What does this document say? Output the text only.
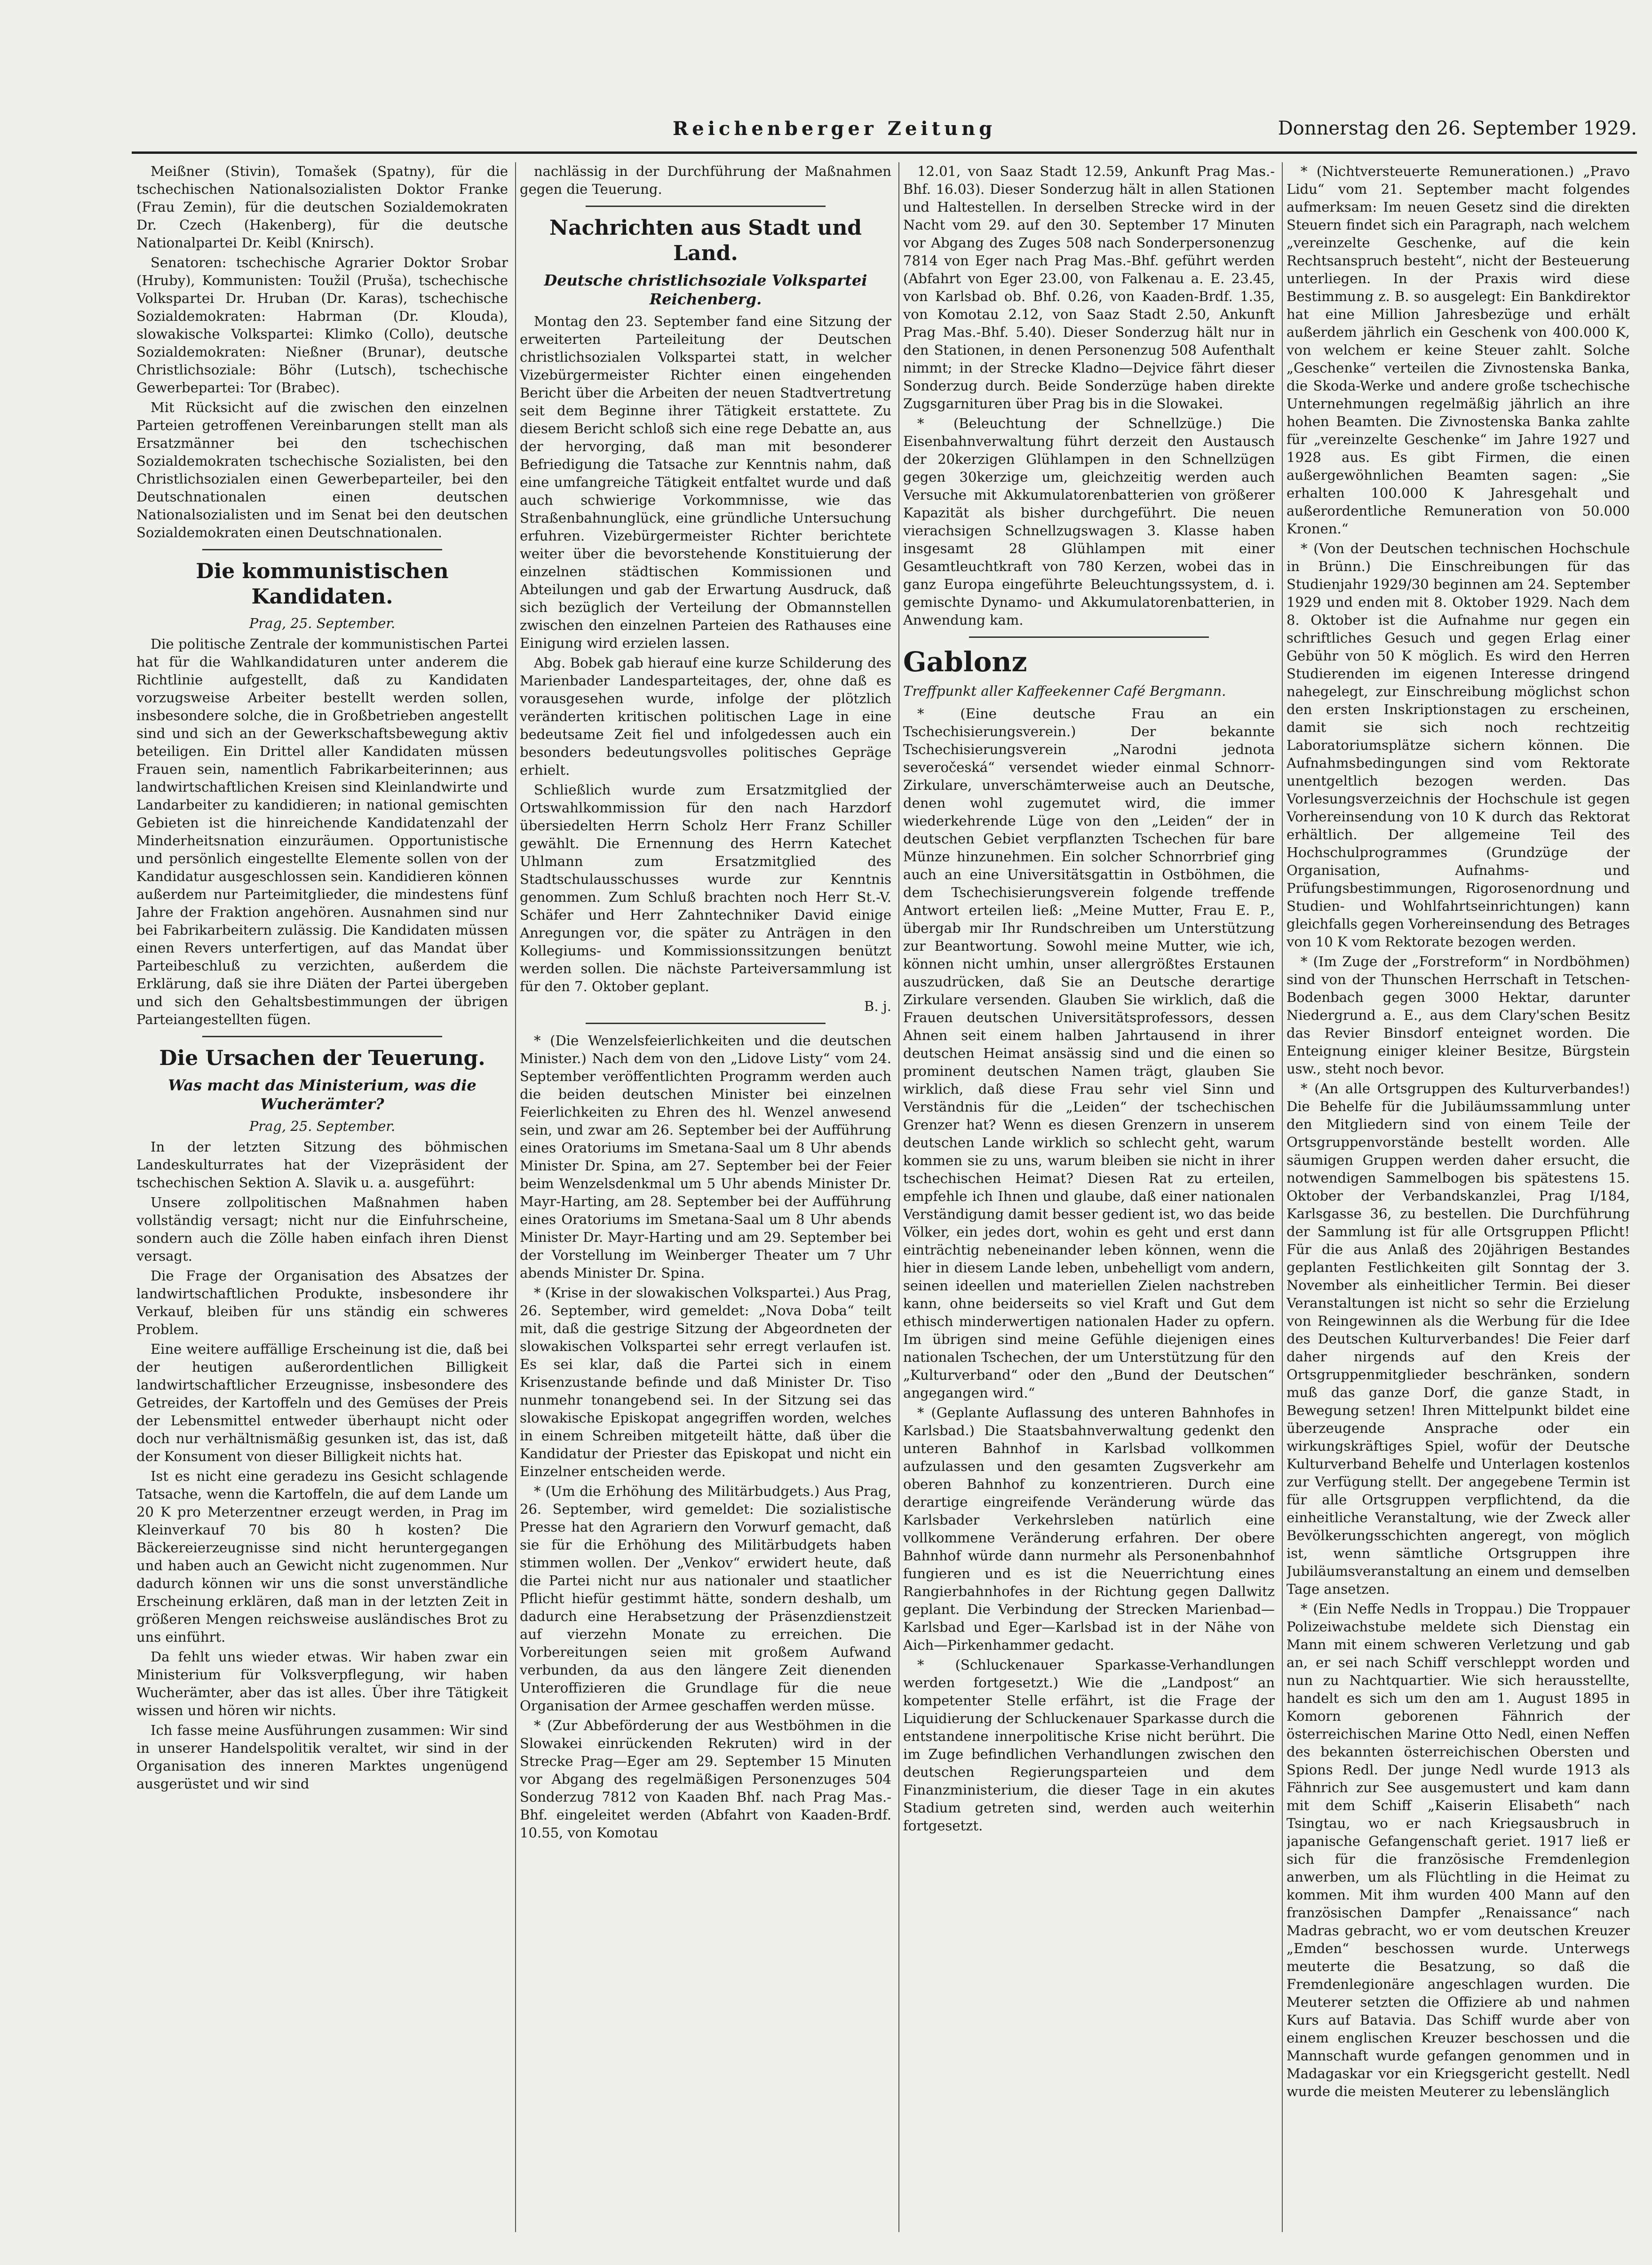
Reichenberger Zeitung	Donnerstag den 26. September 1929.

Meißner (Stivin), Tomašek (Spatny), für die tschechischen Nationalsozialisten Doktor Franke (Frau Zemin), für die deutschen Sozialdemokraten Dr. Czech (Hakenberg), für die deutsche Nationalpartei Dr. Keibl (Knirsch).

Senatoren: tschechische Agrarier Doktor Srobar (Hruby), Kommunisten: Toužil (Pruša), tschechische Volkspartei Dr. Hruban (Dr. Karas), tschechische Sozialdemokraten: Habrman (Dr. Klouda), slowakische Volkspartei: Klimko (Collo), deutsche Sozialdemokraten: Nießner (Brunar), deutsche Christlichsoziale: Böhr (Lutsch), tschechische Gewerbepartei: Tor (Brabec).

Mit Rücksicht auf die zwischen den einzelnen Parteien getroffenen Vereinbarungen stellt man als Ersatzmänner bei den tschechischen Sozialdemokraten tschechische Sozialisten, bei den Christlichsozialen einen Gewerbeparteiler, bei den Deutschnationalen einen deutschen Nationalsozialisten und im Senat bei den deutschen Sozialdemokraten einen Deutschnationalen.

Die kommunistischen Kandidaten.

Prag, 25. September.

Die politische Zentrale der kommunistischen Partei hat für die Wahlkandidaturen unter anderem die Richtlinie aufgestellt, daß zu Kandidaten vorzugsweise Arbeiter bestellt werden sollen, insbesondere solche, die in Großbetrieben angestellt sind und sich an der Gewerkschaftsbewegung aktiv beteiligen. Ein Drittel aller Kandidaten müssen Frauen sein, namentlich Fabrikarbeiterinnen; aus landwirtschaftlichen Kreisen sind Kleinlandwirte und Landarbeiter zu kandidieren; in national gemischten Gebieten ist die hinreichende Kandidatenzahl der Minderheitsnation einzuräumen. Opportunistische und persönlich eingestellte Elemente sollen von der Kandidatur ausgeschlossen sein. Kandidieren können außerdem nur Parteimitglieder, die mindestens fünf Jahre der Fraktion angehören. Ausnahmen sind nur bei Fabrikarbeitern zulässig. Die Kandidaten müssen einen Revers unterfertigen, auf das Mandat über Parteibeschluß zu verzichten, außerdem die Erklärung, daß sie ihre Diäten der Partei übergeben und sich den Gehaltsbestimmungen der übrigen Parteiangestellten fügen.

Die Ursachen der Teuerung.
Was macht das Ministerium, was die Wucherämter?

Prag, 25. September.

In der letzten Sitzung des böhmischen Landeskulturrates hat der Vizepräsident der tschechischen Sektion A. Slavik u. a. ausgeführt:

Unsere zollpolitischen Maßnahmen haben vollständig versagt; nicht nur die Einfuhrscheine, sondern auch die Zölle haben einfach ihren Dienst versagt.

Die Frage der Organisation des Absatzes der landwirtschaftlichen Produkte, insbesondere ihr Verkauf, bleiben für uns ständig ein schweres Problem.

Eine weitere auffällige Erscheinung ist die, daß bei der heutigen außerordentlichen Billigkeit landwirtschaftlicher Erzeugnisse, insbesondere des Getreides, der Kartoffeln und des Gemüses der Preis der Lebensmittel entweder überhaupt nicht oder doch nur verhältnismäßig gesunken ist, das ist, daß der Konsument von dieser Billigkeit nichts hat.

Ist es nicht eine geradezu ins Gesicht schlagende Tatsache, wenn die Kartoffeln, die auf dem Lande um 20 K pro Meterzentner erzeugt werden, in Prag im Kleinverkauf 70 bis 80 h kosten? Die Bäckereierzeugnisse sind nicht heruntergegangen und haben auch an Gewicht nicht zugenommen. Nur dadurch können wir uns die sonst unverständliche Erscheinung erklären, daß man in der letzten Zeit in größeren Mengen reichsweise ausländisches Brot zu uns einführt.

Da fehlt uns wieder etwas. Wir haben zwar ein Ministerium für Volksverpflegung, wir haben Wucherämter, aber das ist alles. Über ihre Tätigkeit wissen und hören wir nichts.

Ich fasse meine Ausführungen zusammen: Wir sind in unserer Handelspolitik veraltet, wir sind in der Organisation des inneren Marktes ungenügend ausgerüstet und wir sind

nachlässig in der Durchführung der Maßnahmen gegen die Teuerung.

Nachrichten aus Stadt und Land.
Deutsche christlichsoziale Volkspartei Reichenberg.

Montag den 23. September fand eine Sitzung der erweiterten Parteileitung der Deutschen christlichsozialen Volkspartei statt, in welcher Vizebürgermeister Richter einen eingehenden Bericht über die Arbeiten der neuen Stadtvertretung seit dem Beginne ihrer Tätigkeit erstattete. Zu diesem Bericht schloß sich eine rege Debatte an, aus der hervorging, daß man mit besonderer Befriedigung die Tatsache zur Kenntnis nahm, daß eine umfangreiche Tätigkeit entfaltet wurde und daß auch schwierige Vorkommnisse, wie das Straßenbahnunglück, eine gründliche Untersuchung erfuhren. Vizebürgermeister Richter berichtete weiter über die bevorstehende Konstituierung der einzelnen städtischen Kommissionen und Abteilungen und gab der Erwartung Ausdruck, daß sich bezüglich der Verteilung der Obmannstellen zwischen den einzelnen Parteien des Rathauses eine Einigung wird erzielen lassen.

Abg. Bobek gab hierauf eine kurze Schilderung des Marienbader Landesparteitages, der, ohne daß es vorausgesehen wurde, infolge der plötzlich veränderten kritischen politischen Lage in eine bedeutsame Zeit fiel und infolgedessen auch ein besonders bedeutungsvolles politisches Gepräge erhielt.

Schließlich wurde zum Ersatzmitglied der Ortswahlkommission für den nach Harzdorf übersiedelten Herrn Scholz Herr Franz Schiller gewählt. Die Ernennung des Herrn Katechet Uhlmann zum Ersatzmitglied des Stadtschulausschusses wurde zur Kenntnis genommen. Zum Schluß brachten noch Herr St.-V. Schäfer und Herr Zahntechniker David einige Anregungen vor, die später zu Anträgen in den Kollegiums- und Kommissionssitzungen benützt werden sollen. Die nächste Parteiversammlung ist für den 7. Oktober geplant.

B. j.

* (Die Wenzelsfeierlichkeiten und die deutschen Minister.) Nach dem von den „Lidove Listy“ vom 24. September veröffentlichten Programm werden auch die beiden deutschen Minister bei einzelnen Feierlichkeiten zu Ehren des hl. Wenzel anwesend sein, und zwar am 26. September bei der Aufführung eines Oratoriums im Smetana-Saal um 8 Uhr abends Minister Dr. Spina, am 27. September bei der Feier beim Wenzelsdenkmal um 5 Uhr abends Minister Dr. Mayr-Harting, am 28. September bei der Aufführung eines Oratoriums im Smetana-Saal um 8 Uhr abends Minister Dr. Mayr-Harting und am 29. September bei der Vorstellung im Weinberger Theater um 7 Uhr abends Minister Dr. Spina.

* (Krise in der slowakischen Volkspartei.) Aus Prag, 26. September, wird gemeldet: „Nova Doba“ teilt mit, daß die gestrige Sitzung der Abgeordneten der slowakischen Volkspartei sehr erregt verlaufen ist. Es sei klar, daß die Partei sich in einem Krisenzustande befinde und daß Minister Dr. Tiso nunmehr tonangebend sei. In der Sitzung sei das slowakische Episkopat angegriffen worden, welches in einem Schreiben mitgeteilt hätte, daß über die Kandidatur der Priester das Episkopat und nicht ein Einzelner entscheiden werde.

* (Um die Erhöhung des Militärbudgets.) Aus Prag, 26. September, wird gemeldet: Die sozialistische Presse hat den Agrariern den Vorwurf gemacht, daß sie für die Erhöhung des Militärbudgets haben stimmen wollen. Der „Venkov“ erwidert heute, daß die Partei nicht nur aus nationaler und staatlicher Pflicht hiefür gestimmt hätte, sondern deshalb, um dadurch eine Herabsetzung der Präsenzdienstzeit auf vierzehn Monate zu erreichen. Die Vorbereitungen seien mit großem Aufwand verbunden, da aus den längere Zeit dienenden Unteroffizieren die Grundlage für die neue Organisation der Armee geschaffen werden müsse.

* (Zur Abbeförderung der aus Westböhmen in die Slowakei einrückenden Rekruten) wird in der Strecke Prag—Eger am 29. September 15 Minuten vor Abgang des regelmäßigen Personenzuges 504 Sonderzug 7812 von Kaaden Bhf. nach Prag Mas.-Bhf. eingeleitet werden (Abfahrt von Kaaden-Brdf. 10.55, von Komotau

12.01, von Saaz Stadt 12.59, Ankunft Prag Mas.-Bhf. 16.03). Dieser Sonderzug hält in allen Stationen und Haltestellen. In derselben Strecke wird in der Nacht vom 29. auf den 30. September 17 Minuten vor Abgang des Zuges 508 nach Sonderpersonenzug 7814 von Eger nach Prag Mas.-Bhf. geführt werden (Abfahrt von Eger 23.00, von Falkenau a. E. 23.45, von Karlsbad ob. Bhf. 0.26, von Kaaden-Brdf. 1.35, von Komotau 2.12, von Saaz Stadt 2.50, Ankunft Prag Mas.-Bhf. 5.40). Dieser Sonderzug hält nur in den Stationen, in denen Personenzug 508 Aufenthalt nimmt; in der Strecke Kladno—Dejvice fährt dieser Sonderzug durch. Beide Sonderzüge haben direkte Zugsgarnituren über Prag bis in die Slowakei.

* (Beleuchtung der Schnellzüge.) Die Eisenbahnverwaltung führt derzeit den Austausch der 20kerzigen Glühlampen in den Schnellzügen gegen 30kerzige um, gleichzeitig werden auch Versuche mit Akkumulatorenbatterien von größerer Kapazität als bisher durchgeführt. Die neuen vierachsigen Schnellzugswagen 3. Klasse haben insgesamt 28 Glühlampen mit einer Gesamtleuchtkraft von 780 Kerzen, wobei das in ganz Europa eingeführte Beleuchtungssystem, d. i. gemischte Dynamo- und Akkumulatorenbatterien, in Anwendung kam.

Gablonz

Treffpunkt aller Kaffeekenner Café Bergmann.

* (Eine deutsche Frau an ein Tschechisierungsverein.) Der bekannte Tschechisierungsverein „Narodni jednota severočeská“ versendet wieder einmal Schnorr-Zirkulare, unverschämterweise auch an Deutsche, denen wohl zugemutet wird, die immer wiederkehrende Lüge von den „Leiden“ der in deutschen Gebiet verpflanzten Tschechen für bare Münze hinzunehmen. Ein solcher Schnorrbrief ging auch an eine Universitätsgattin in Ostböhmen, die dem Tschechisierungsverein folgende treffende Antwort erteilen ließ: „Meine Mutter, Frau E. P., übergab mir Ihr Rundschreiben um Unterstützung zur Beantwortung. Sowohl meine Mutter, wie ich, können nicht umhin, unser allergrößtes Erstaunen auszudrücken, daß Sie an Deutsche derartige Zirkulare versenden. Glauben Sie wirklich, daß die Frauen deutschen Universitätsprofessors, dessen Ahnen seit einem halben Jahrtausend in ihrer deutschen Heimat ansässig sind und die einen so prominent deutschen Namen trägt, glauben Sie wirklich, daß diese Frau sehr viel Sinn und Verständnis für die „Leiden“ der tschechischen Grenzer hat? Wenn es diesen Grenzern in unserem deutschen Lande wirklich so schlecht geht, warum kommen sie zu uns, warum bleiben sie nicht in ihrer tschechischen Heimat? Diesen Rat zu erteilen, empfehle ich Ihnen und glaube, daß einer nationalen Verständigung damit besser gedient ist, wo das beide Völker, ein jedes dort, wohin es geht und erst dann einträchtig nebeneinander leben können, wenn die hier in diesem Lande leben, unbehelligt vom andern, seinen ideellen und materiellen Zielen nachstreben kann, ohne beiderseits so viel Kraft und Gut dem ethisch minderwertigen nationalen Hader zu opfern. Im übrigen sind meine Gefühle diejenigen eines nationalen Tschechen, der um Unterstützung für den „Kulturverband“ oder den „Bund der Deutschen“ angegangen wird.“

* (Geplante Auflassung des unteren Bahnhofes in Karlsbad.) Die Staatsbahnverwaltung gedenkt den unteren Bahnhof in Karlsbad vollkommen aufzulassen und den gesamten Zugsverkehr am oberen Bahnhof zu konzentrieren. Durch eine derartige eingreifende Veränderung würde das Karlsbader Verkehrsleben natürlich eine vollkommene Veränderung erfahren. Der obere Bahnhof würde dann nurmehr als Personenbahnhof fungieren und es ist die Neuerrichtung eines Rangierbahnhofes in der Richtung gegen Dallwitz geplant. Die Verbindung der Strecken Marienbad—Karlsbad und Eger—Karlsbad ist in der Nähe von Aich—Pirkenhammer gedacht.

* (Schluckenauer Sparkasse-Verhandlungen werden fortgesetzt.) Wie die „Landpost“ an kompetenter Stelle erfährt, ist die Frage der Liquidierung der Schluckenauer Sparkasse durch die entstandene innerpolitische Krise nicht berührt. Die im Zuge befindlichen Verhandlungen zwischen den deutschen Regierungsparteien und dem Finanzministerium, die dieser Tage in ein akutes Stadium getreten sind, werden auch weiterhin fortgesetzt.

* (Nichtversteuerte Remunerationen.) „Pravo Lidu“ vom 21. September macht folgendes aufmerksam: Im neuen Gesetz sind die direkten Steuern findet sich ein Paragraph, nach welchem „vereinzelte Geschenke, auf die kein Rechtsanspruch besteht“, nicht der Besteuerung unterliegen. In der Praxis wird diese Bestimmung z. B. so ausgelegt: Ein Bankdirektor hat eine Million Jahresbezüge und erhält außerdem jährlich ein Geschenk von 400.000 K, von welchem er keine Steuer zahlt. Solche „Geschenke“ verteilen die Zivnostenska Banka, die Skoda-Werke und andere große tschechische Unternehmungen regelmäßig jährlich an ihre hohen Beamten. Die Zivnostenska Banka zahlte für „vereinzelte Geschenke“ im Jahre 1927 und 1928 aus. Es gibt Firmen, die einen außergewöhnlichen Beamten sagen: „Sie erhalten 100.000 K Jahresgehalt und außerordentliche Remuneration von 50.000 Kronen.“

* (Von der Deutschen technischen Hochschule in Brünn.) Die Einschreibungen für das Studienjahr 1929/30 beginnen am 24. September 1929 und enden mit 8. Oktober 1929. Nach dem 8. Oktober ist die Aufnahme nur gegen ein schriftliches Gesuch und gegen Erlag einer Gebühr von 50 K möglich. Es wird den Herren Studierenden im eigenen Interesse dringend nahegelegt, zur Einschreibung möglichst schon den ersten Inskriptionstagen zu erscheinen, damit sie sich noch rechtzeitig Laboratoriumsplätze sichern können. Die Aufnahmsbedingungen sind vom Rektorate unentgeltlich bezogen werden. Das Vorlesungsverzeichnis der Hochschule ist gegen Vorhereinsendung von 10 K durch das Rektorat erhältlich. Der allgemeine Teil des Hochschulprogrammes (Grundzüge der Organisation, Aufnahms- und Prüfungsbestimmungen, Rigorosenordnung und Studien- und Wohlfahrtseinrichtungen) kann gleichfalls gegen Vorhereinsendung des Betrages von 10 K vom Rektorate bezogen werden.

* (Im Zuge der „Forstreform“ in Nordböhmen) sind von der Thunschen Herrschaft in Tetschen-Bodenbach gegen 3000 Hektar, darunter Niedergrund a. E., aus dem Clary'schen Besitz das Revier Binsdorf enteignet worden. Die Enteignung einiger kleiner Besitze, Bürgstein usw., steht noch bevor.

* (An alle Ortsgruppen des Kulturverbandes!) Die Behelfe für die Jubiläumssammlung unter den Mitgliedern sind von einem Teile der Ortsgruppenvorstände bestellt worden. Alle säumigen Gruppen werden daher ersucht, die notwendigen Sammelbogen bis spätestens 15. Oktober der Verbandskanzlei, Prag I/184, Karlsgasse 36, zu bestellen. Die Durchführung der Sammlung ist für alle Ortsgruppen Pflicht! Für die aus Anlaß des 20jährigen Bestandes geplanten Festlichkeiten gilt Sonntag der 3. November als einheitlicher Termin. Bei dieser Veranstaltungen ist nicht so sehr die Erzielung von Reingewinnen als die Werbung für die Idee des Deutschen Kulturverbandes! Die Feier darf daher nirgends auf den Kreis der Ortsgruppenmitglieder beschränken, sondern muß das ganze Dorf, die ganze Stadt, in Bewegung setzen! Ihren Mittelpunkt bildet eine überzeugende Ansprache oder ein wirkungskräftiges Spiel, wofür der Deutsche Kulturverband Behelfe und Unterlagen kostenlos zur Verfügung stellt. Der angegebene Termin ist für alle Ortsgruppen verpflichtend, da die einheitliche Veranstaltung, wie der Zweck aller Bevölkerungsschichten angeregt, von möglich ist, wenn sämtliche Ortsgruppen ihre Jubiläumsveranstaltung an einem und demselben Tage ansetzen.

* (Ein Neffe Nedls in Troppau.) Die Troppauer Polizeiwachstube meldete sich Dienstag ein Mann mit einem schweren Verletzung und gab an, er sei nach Schiff verschleppt worden und nun zu Nachtquartier. Wie sich herausstellte, handelt es sich um den am 1. August 1895 in Komorn geborenen Fähnrich der österreichischen Marine Otto Nedl, einen Neffen des bekannten österreichischen Obersten und Spions Redl. Der junge Nedl wurde 1913 als Fähnrich zur See ausgemustert und kam dann mit dem Schiff „Kaiserin Elisabeth“ nach Tsingtau, wo er nach Kriegsausbruch in japanische Gefangenschaft geriet. 1917 ließ er sich für die französische Fremdenlegion anwerben, um als Flüchtling in die Heimat zu kommen. Mit ihm wurden 400 Mann auf den französischen Dampfer „Renaissance“ nach Madras gebracht, wo er vom deutschen Kreuzer „Emden“ beschossen wurde. Unterwegs meuterte die Besatzung, so daß die Fremdenlegionäre angeschlagen wurden. Die Meuterer setzten die Offiziere ab und nahmen Kurs auf Batavia. Das Schiff wurde aber von einem englischen Kreuzer beschossen und die Mannschaft wurde gefangen genommen und in Madagaskar vor ein Kriegsgericht gestellt. Nedl wurde die meisten Meuterer zu lebenslänglich
